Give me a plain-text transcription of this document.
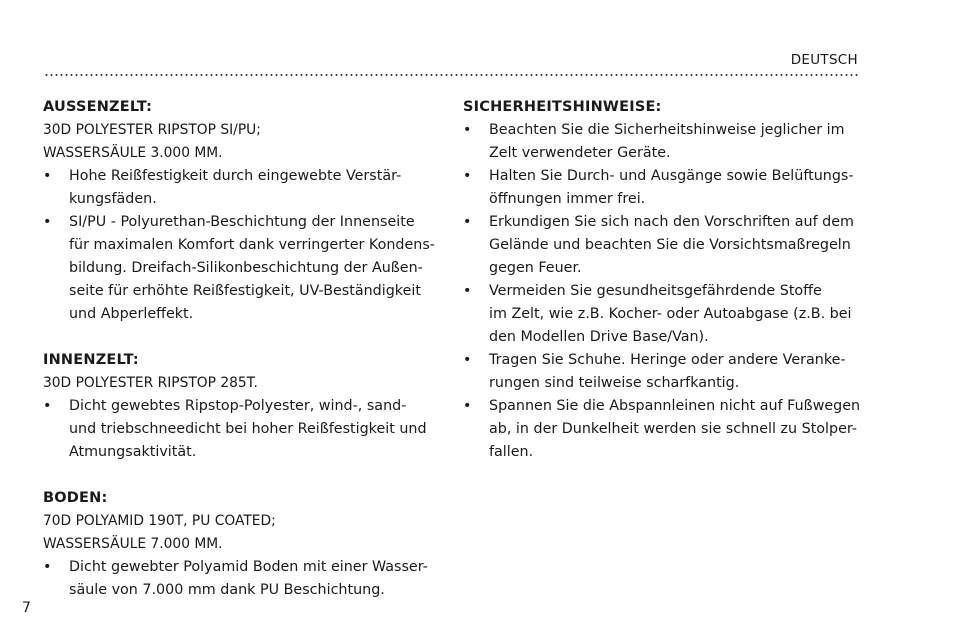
DEUTSCH
AUSSENZELT:
30D POLYESTER RIPSTOP SI/PU;
WASSERSÄULE 3.000 MM.
• Hohe Reißfestigkeit durch eingewebte Verstär-
kungsfäden.
• SI/PU - Polyurethan-Beschichtung der Innenseite
für maximalen Komfort dank verringerter Kondens-
bildung. Dreifach-Silikonbeschichtung der Außen-
seite für erhöhte Reißfestigkeit, UV-Beständigkeit
und Abperleffekt.
INNENZELT:
30D POLYESTER RIPSTOP 285T.
• Dicht gewebtes Ripstop-Polyester, wind-, sand-
und triebschneedicht bei hoher Reißfestigkeit und
Atmungsaktivität.
BODEN:
70D POLYAMID 190T, PU COATED;
WASSERSÄULE 7.000 MM.
• Dicht gewebter Polyamid Boden mit einer Wasser-
säule von 7.000 mm dank PU Beschichtung.
SICHERHEITSHINWEISE:
• Beachten Sie die Sicherheitshinweise jeglicher im
Zelt verwendeter Geräte.
• Halten Sie Durch- und Ausgänge sowie Belüftungs-
öffnungen immer frei.
• Erkundigen Sie sich nach den Vorschriften auf dem
Gelände und beachten Sie die Vorsichtsmaßregeln
gegen Feuer.
• Vermeiden Sie gesundheitsgefährdende Stoffe
im Zelt, wie z.B. Kocher- oder Autoabgase (z.B. bei
den Modellen Drive Base/Van).
• Tragen Sie Schuhe. Heringe oder andere Veranke-
rungen sind teilweise scharfkantig.
• Spannen Sie die Abspannleinen nicht auf Fußwegen
ab, in der Dunkelheit werden sie schnell zu Stolper-
fallen.
7
